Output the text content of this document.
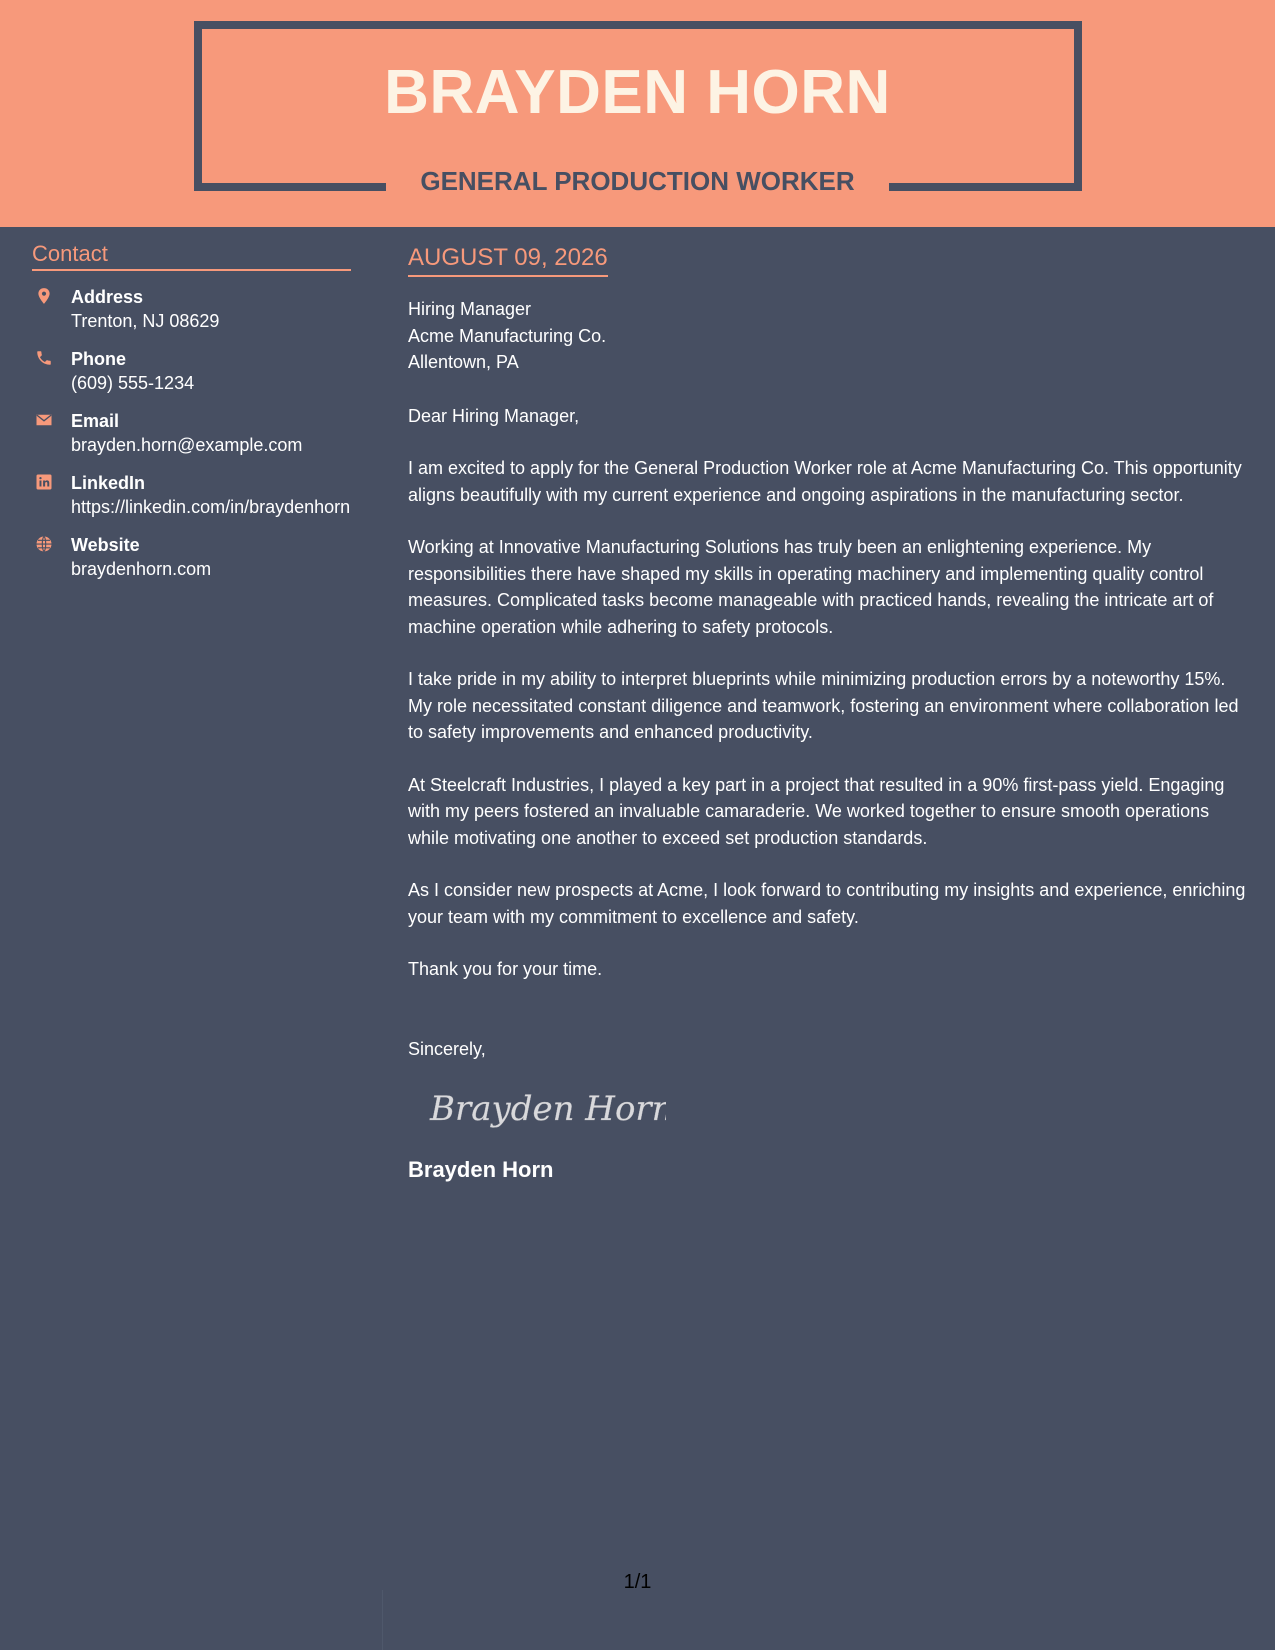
BRAYDEN HORN
GENERAL PRODUCTION WORKER
Contact
Address
Trenton, NJ 08629
Phone
(609) 555-1234
Email
brayden.horn@example.com
LinkedIn
https://linkedin.com/in/braydenhorn
Website
braydenhorn.com
AUGUST 09, 2026
Hiring Manager
Acme Manufacturing Co.
Allentown, PA
Dear Hiring Manager,
I am excited to apply for the General Production Worker role at Acme Manufacturing Co. This opportunity aligns beautifully with my current experience and ongoing aspirations in the manufacturing sector.
Working at Innovative Manufacturing Solutions has truly been an enlightening experience. My responsibilities there have shaped my skills in operating machinery and implementing quality control measures. Complicated tasks become manageable with practiced hands, revealing the intricate art of machine operation while adhering to safety protocols.
I take pride in my ability to interpret blueprints while minimizing production errors by a noteworthy 15%. My role necessitated constant diligence and teamwork, fostering an environment where collaboration led to safety improvements and enhanced productivity.
At Steelcraft Industries, I played a key part in a project that resulted in a 90% first-pass yield. Engaging with my peers fostered an invaluable camaraderie. We worked together to ensure smooth operations while motivating one another to exceed set production standards.
As I consider new prospects at Acme, I look forward to contributing my insights and experience, enriching your team with my commitment to excellence and safety.
Thank you for your time.
Sincerely,
Brayden Horn
Brayden Horn
1/1
